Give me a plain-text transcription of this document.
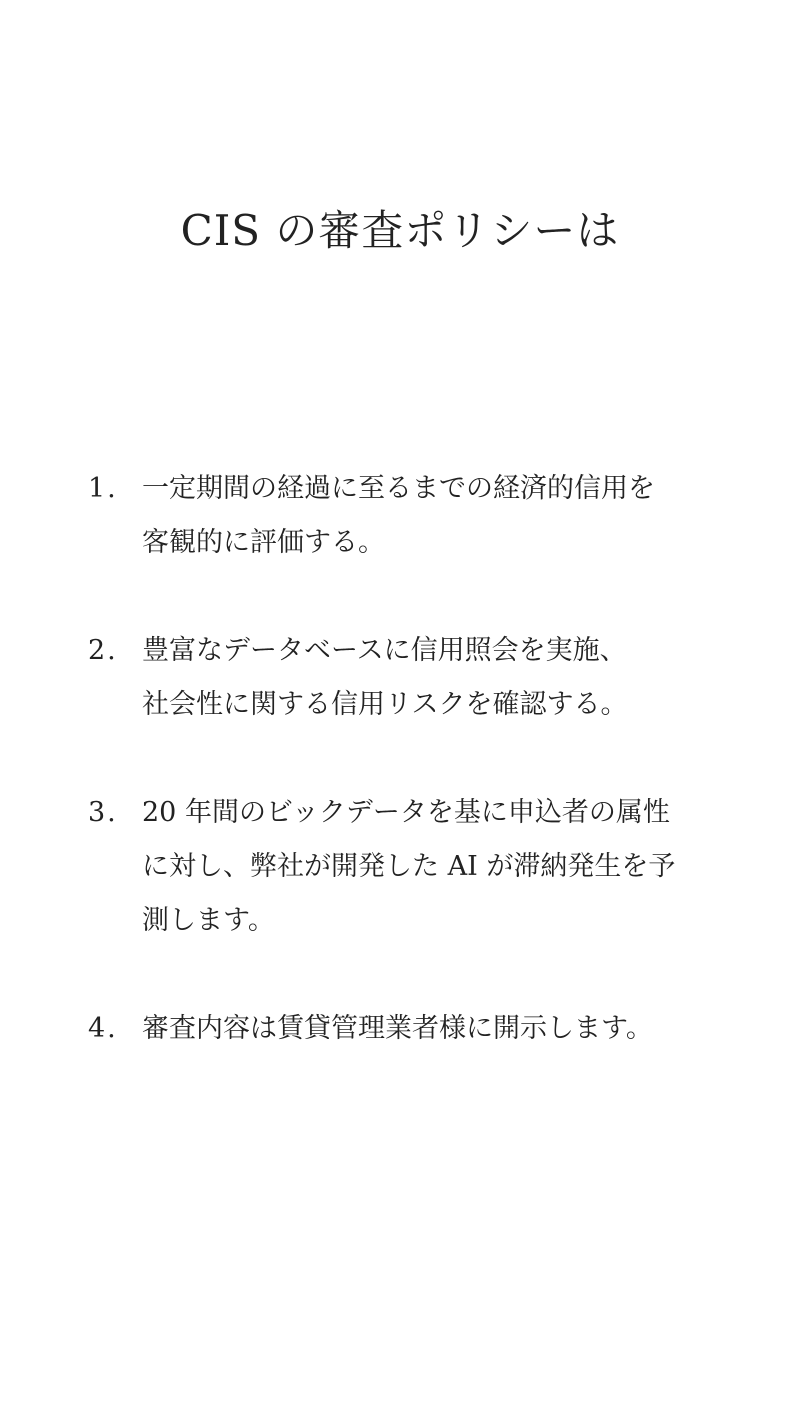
CIS の審査ポリシーは
1. 一定期間の経過に至るまでの経済的信用を
客観的に評価する。
2. 豊富なデータベースに信用照会を実施、
社会性に関する信用リスクを確認する。
3. 20 年間のビックデータを基に申込者の属性
に対し、弊社が開発した AI が滞納発生を予
測します。
4. 審査内容は賃貸管理業者様に開示します。
